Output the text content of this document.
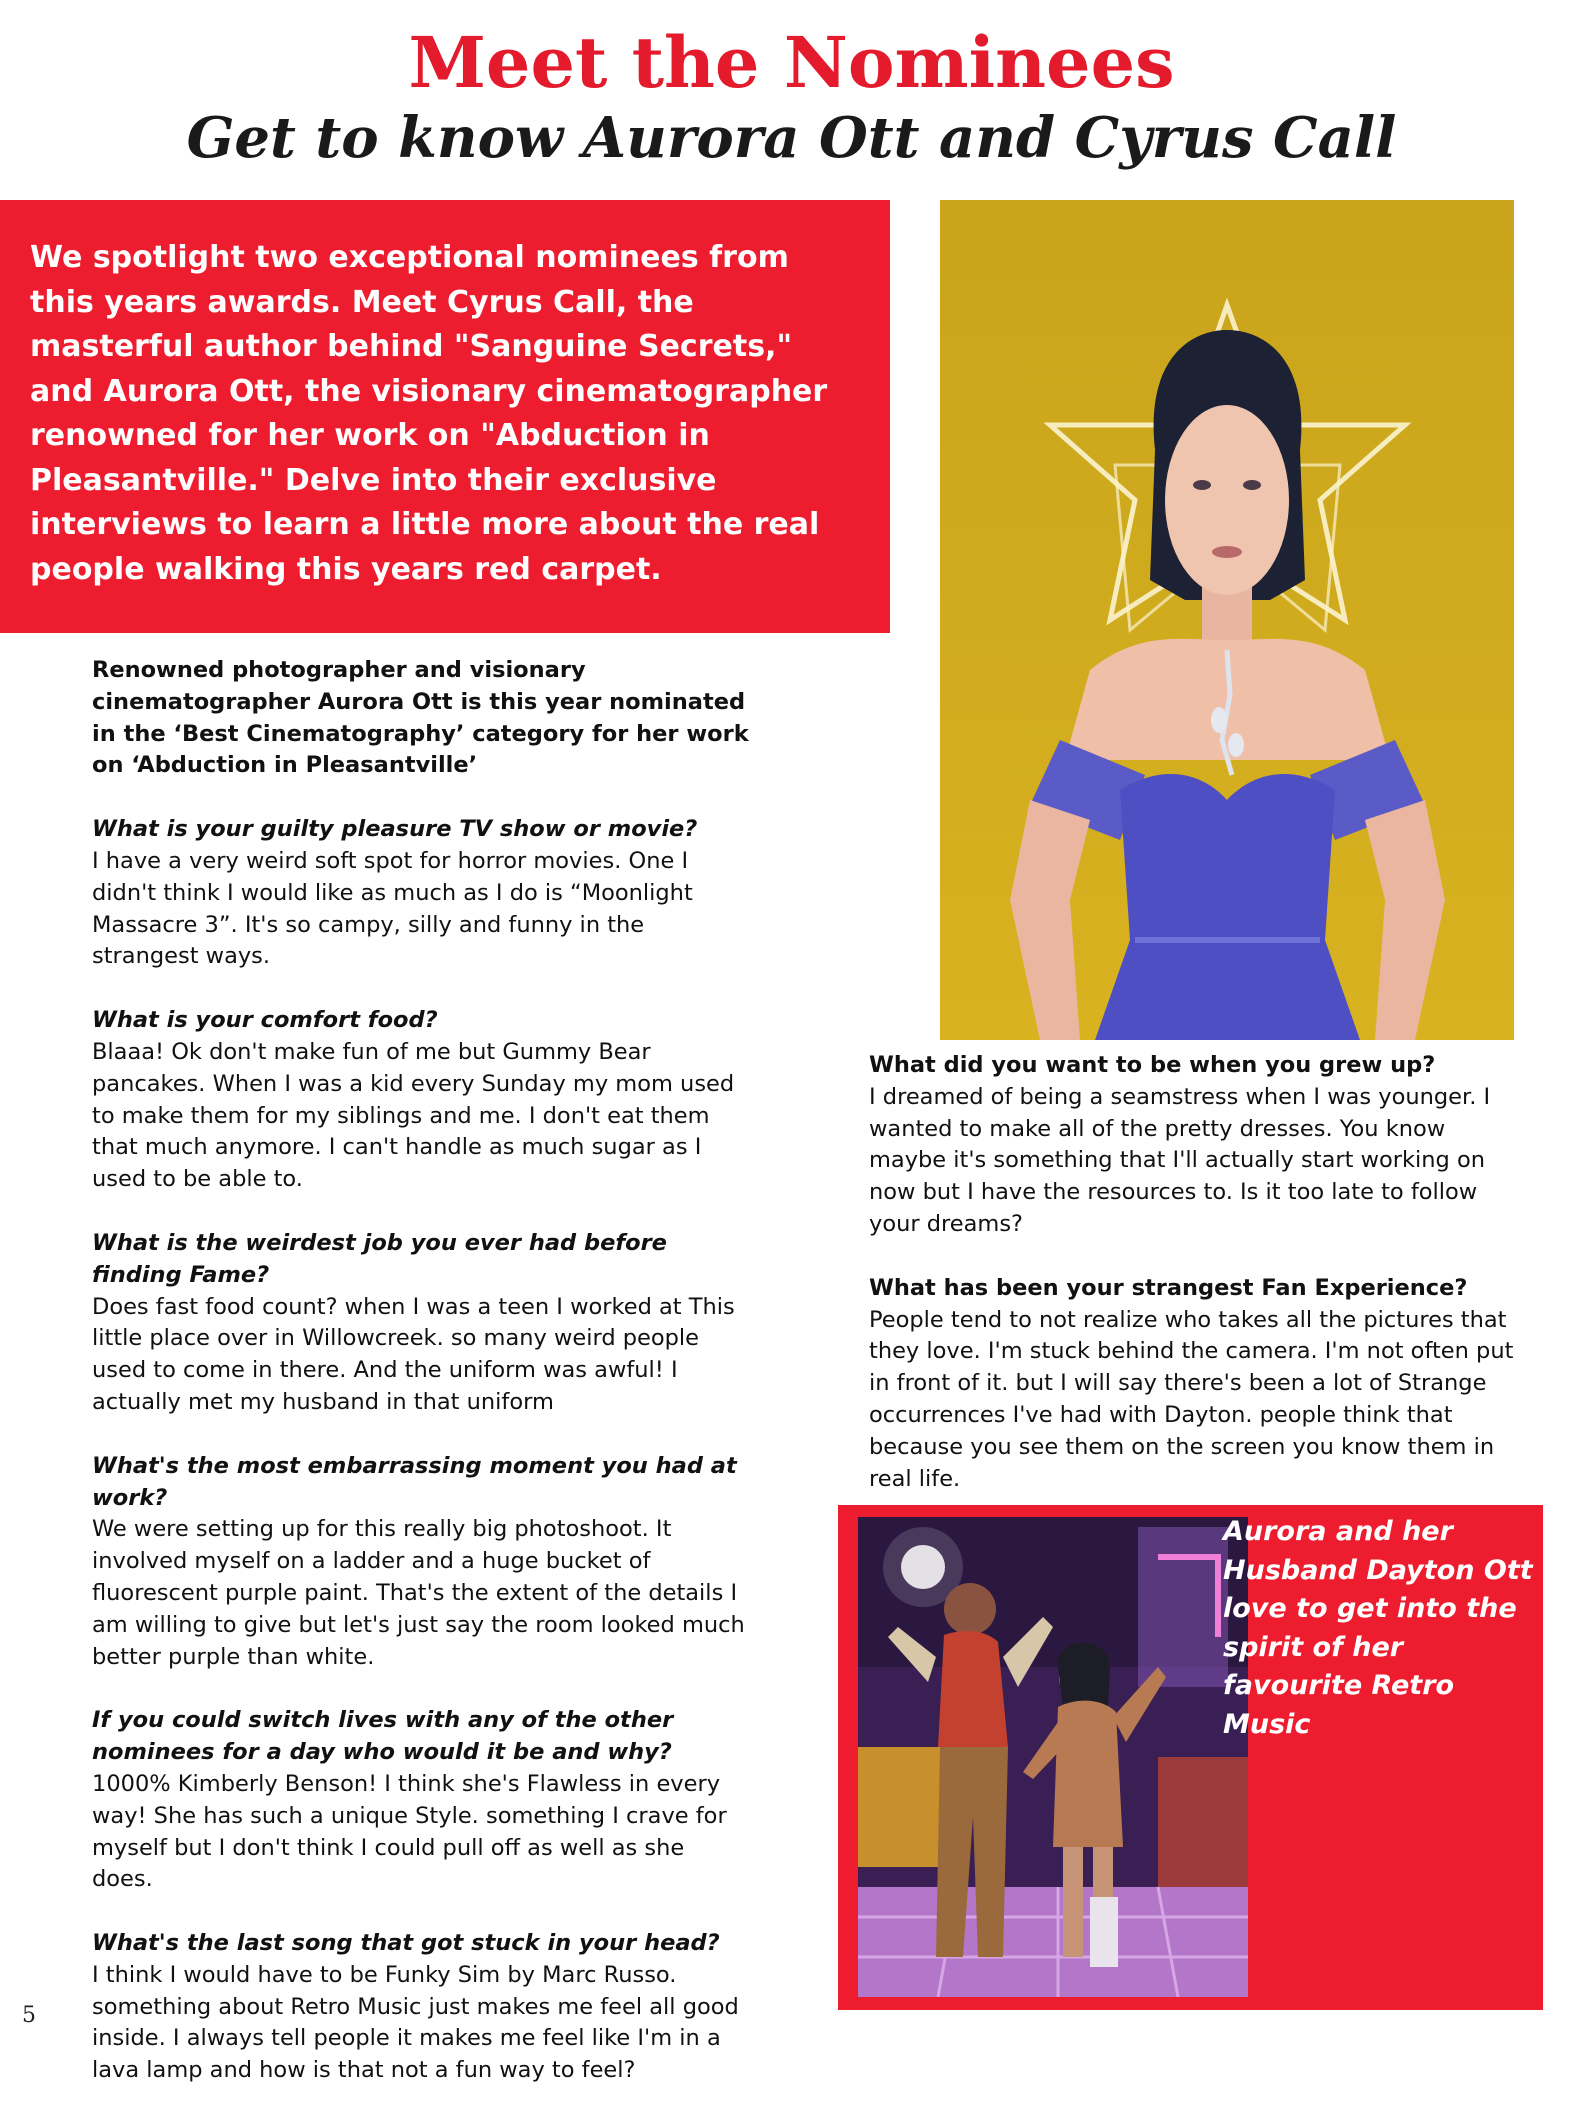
Meet the Nominees
Get to know Aurora Ott and Cyrus Call

We spotlight two exceptional nominees from this years awards. Meet Cyrus Call, the masterful author behind "Sanguine Secrets," and Aurora Ott, the visionary cinematographer renowned for her work on "Abduction in Pleasantville." Delve into their exclusive interviews to learn a little more about the real people walking this years red carpet.

Renowned photographer and visionary cinematographer Aurora Ott is this year nominated in the ‘Best Cinematography’ category for her work on ‘Abduction in Pleasantville’

What is your guilty pleasure TV show or movie?
I have a very weird soft spot for horror movies. One I didn't think I would like as much as I do is “Moonlight Massacre 3”. It's so campy, silly and funny in the strangest ways.
What is your comfort food?
Blaaa! Ok don't make fun of me but Gummy Bear pancakes. When I was a kid every Sunday my mom used to make them for my siblings and me. I don't eat them that much anymore. I can't handle as much sugar as I used to be able to.
What is the weirdest job you ever had before finding Fame?
Does fast food count? when I was a teen I worked at This little place over in Willowcreek. so many weird people used to come in there. And the uniform was awful! I actually met my husband in that uniform
What's the most embarrassing moment you had at work?
We were setting up for this really big photoshoot. It involved myself on a ladder and a huge bucket of fluorescent purple paint. That's the extent of the details I am willing to give but let's just say the room looked much better purple than white.
If you could switch lives with any of the other nominees for a day who would it be and why?
1000% Kimberly Benson! I think she's Flawless in every way! She has such a unique Style. something I crave for myself but I don't think I could pull off as well as she does.
What's the last song that got stuck in your head?
I think I would have to be Funky Sim by Marc Russo. something about Retro Music just makes me feel all good inside. I always tell people it makes me feel like I'm in a lava lamp and how is that not a fun way to feel?
What did you want to be when you grew up?
I dreamed of being a seamstress when I was younger. I wanted to make all of the pretty dresses. You know maybe it's something that I'll actually start working on now but I have the resources to. Is it too late to follow your dreams?
What has been your strangest Fan Experience?
People tend to not realize who takes all the pictures that they love. I'm stuck behind the camera. I'm not often put in front of it. but I will say there's been a lot of Strange occurrences I've had with Dayton. people think that because you see them on the screen you know them in real life.

Aurora and her Husband Dayton Ott love to get into the spirit of her favourite Retro Music

5
